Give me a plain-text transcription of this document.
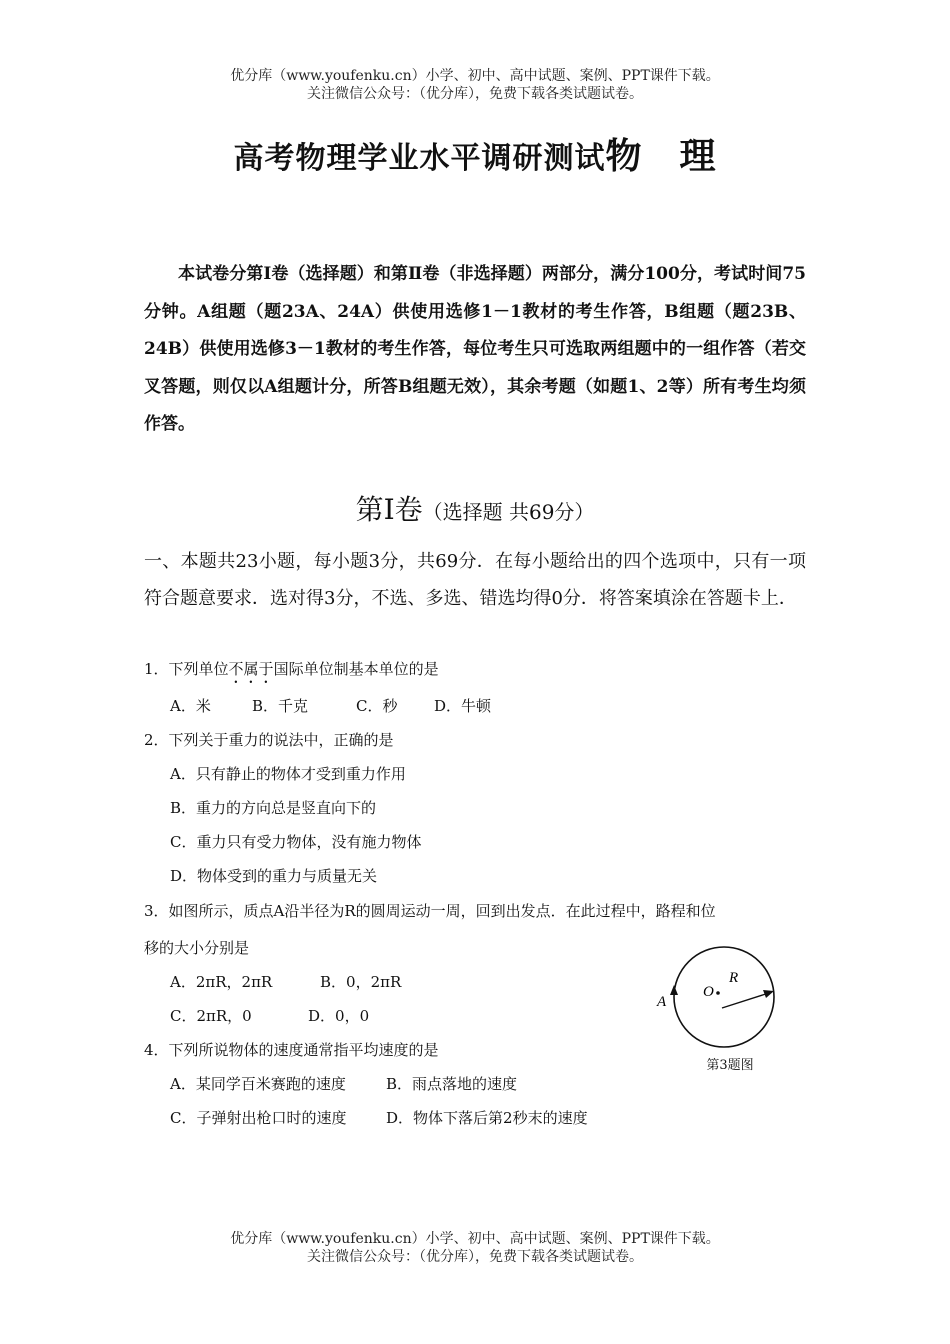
优分库（www.youfenku.cn）小学、初中、高中试题、案例、PPT课件下载。
关注微信公众号：（优分库），免费下载各类试题试卷。
高考物理学业水平调研测试物　理
本试卷分第Ⅰ卷（选择题）和第Ⅱ卷（非选择题）两部分，满分100分，考试时间75分钟。A组题（题23A、24A）供使用选修1－1教材的考生作答，B组题（题23B、24B）供使用选修3－1教材的考生作答，每位考生只可选取两组题中的一组作答（若交叉答题，则仅以A组题计分，所答B组题无效），其余考题（如题1、2等）所有考生均须作答。
第Ⅰ卷（选择题 共69分）
一、本题共23小题，每小题3分，共69分．在每小题给出的四个选项中，只有一项符合题意要求．选对得3分，不选、多选、错选均得0分．将答案填涂在答题卡上．
1．下列单位不属于国际单位制基本单位的是
A．米	B．千克	C．秒 D．牛顿
2．下列关于重力的说法中，正确的是
A．只有静止的物体才受到重力作用
B．重力的方向总是竖直向下的
C．重力只有受力物体，没有施力物体
D．物体受到的重力与质量无关
3．如图所示，质点A沿半径为R的圆周运动一周，回到出发点．在此过程中，路程和位
移的大小分别是
A．2πR，2πR	B．0，2πR
C．2πR，0	D．0，0
A
O
R
第3题图
4．下列所说物体的速度通常指平均速度的是
A．某同学百米赛跑的速度	B．雨点落地的速度
C．子弹射出枪口时的速度	D．物体下落后第2秒末的速度
优分库（www.youfenku.cn）小学、初中、高中试题、案例、PPT课件下载。
关注微信公众号：（优分库），免费下载各类试题试卷。
